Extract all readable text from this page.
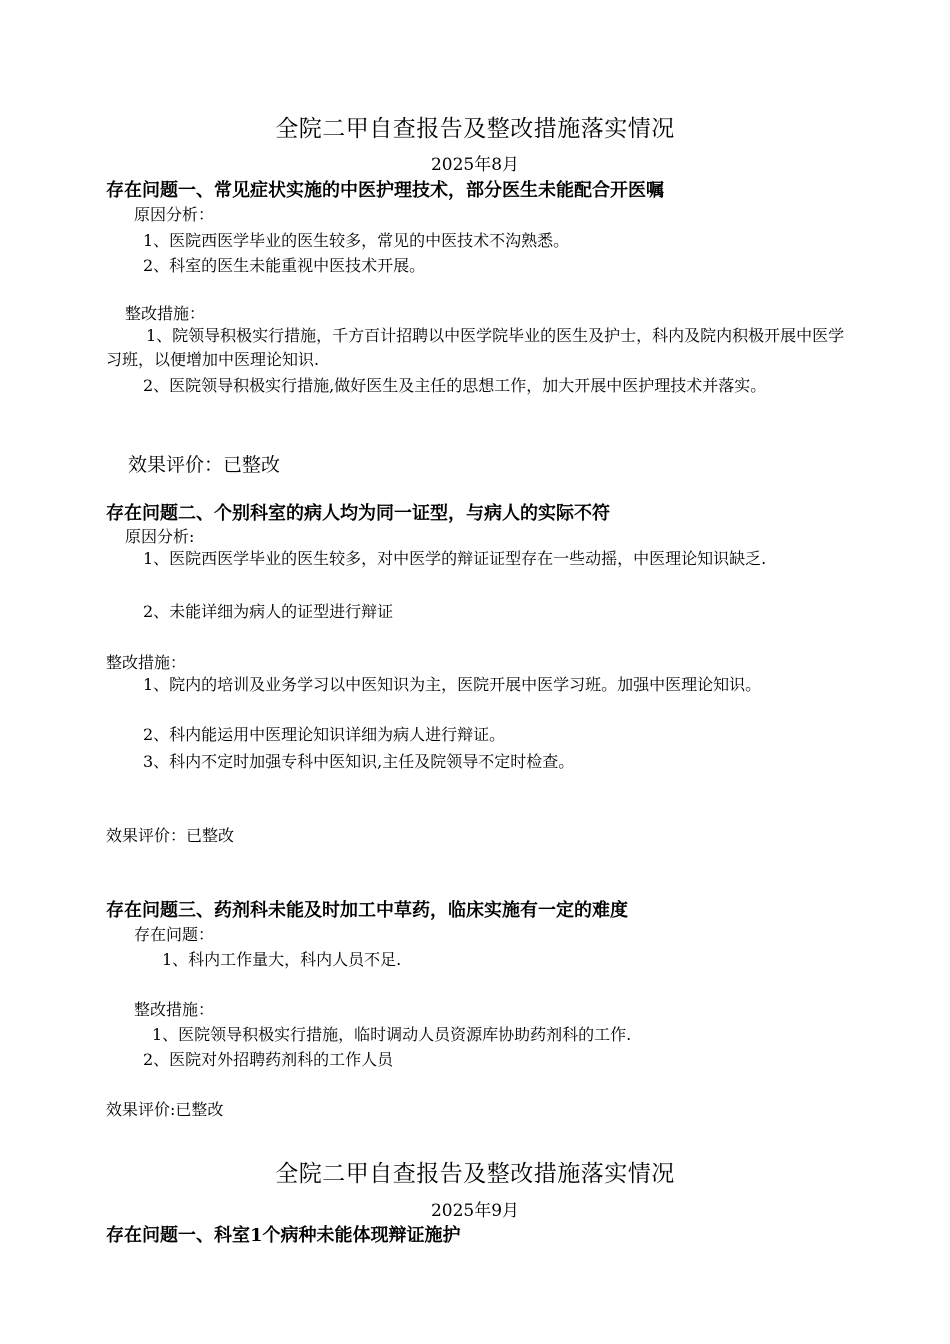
全院二甲自查报告及整改措施落实情况
2025年8月
存在问题一、常见症状实施的中医护理技术，部分医生未能配合开医嘱
原因分析：
1、医院西医学毕业的医生较多，常见的中医技术不沟熟悉。
2、科室的医生未能重视中医技术开展。
整改措施：
1、院领导积极实行措施，千方百计招聘以中医学院毕业的医生及护士，科内及院内积极开展中医学习班，以便增加中医理论知识.
2、医院领导积极实行措施,做好医生及主任的思想工作，加大开展中医护理技术并落实。
效果评价：已整改
存在问题二、个别科室的病人均为同一证型，与病人的实际不符
原因分析:
1、医院西医学毕业的医生较多，对中医学的辩证证型存在一些动摇，中医理论知识缺乏.
2、未能详细为病人的证型进行辩证
整改措施：
1、院内的培训及业务学习以中医知识为主，医院开展中医学习班。加强中医理论知识。
2、科内能运用中医理论知识详细为病人进行辩证。
3、科内不定时加强专科中医知识,主任及院领导不定时检查。
效果评价：已整改
存在问题三、药剂科未能及时加工中草药，临床实施有一定的难度
存在问题：
1、科内工作量大，科内人员不足.
整改措施：
1、医院领导积极实行措施，临时调动人员资源库协助药剂科的工作.
2、医院对外招聘药剂科的工作人员
效果评价:已整改
全院二甲自查报告及整改措施落实情况
2025年9月
存在问题一、科室1个病种未能体现辩证施护
